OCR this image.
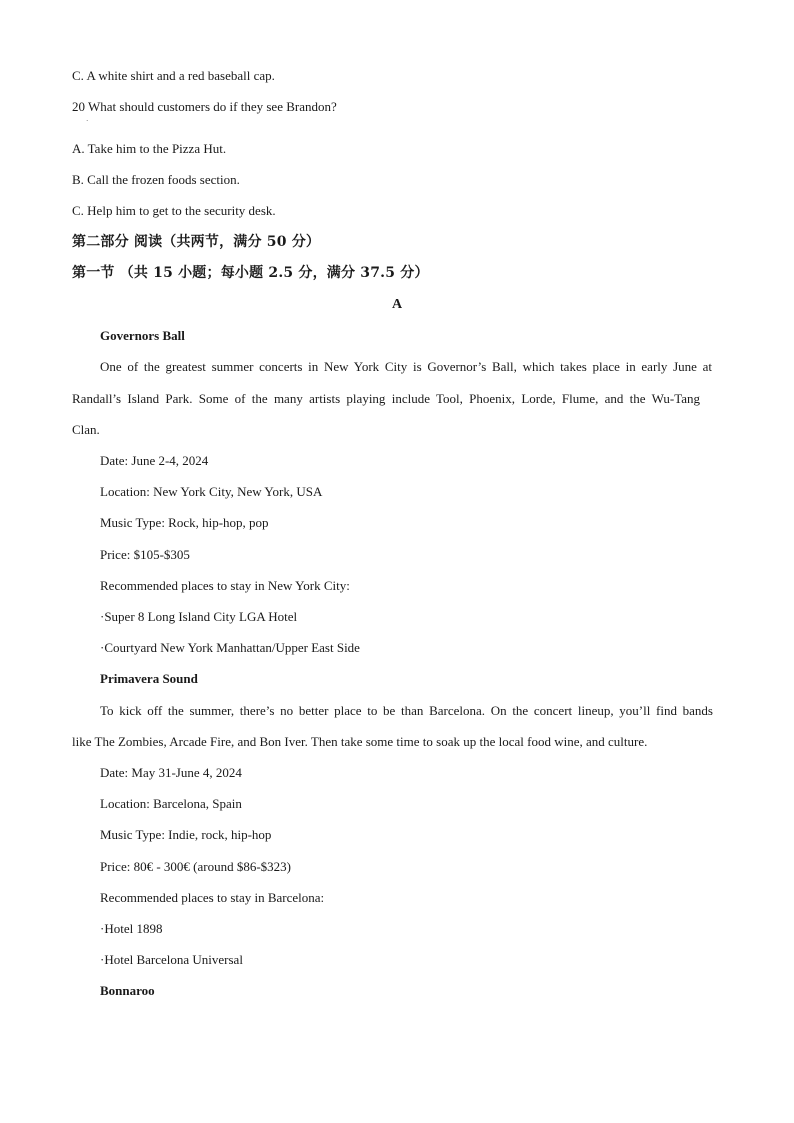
C. A white shirt and a red baseball cap.
20 What should customers do if they see Brandon?
·
A. Take him to the Pizza Hut.
B. Call the frozen foods section.
C. Help him to get to the security desk.
第二部分 阅读（共两节，满分 50 分）
第一节 （共 15 小题；每小题 2.5 分，满分 37.5 分）
A
Governors Ball
One of the greatest summer concerts in New York City is Governor’s Ball, which takes place in early June at
Randall’s Island Park. Some of the many artists playing include Tool, Phoenix, Lorde, Flume, and the Wu-Tang
Clan.
Date: June 2-4, 2024
Location: New York City, New York, USA
Music Type: Rock, hip-hop, pop
Price: $105-$305
Recommended places to stay in New York City:
·Super 8 Long Island City LGA Hotel
·Courtyard New York Manhattan/Upper East Side
Primavera Sound
To kick off the summer, there’s no better place to be than Barcelona. On the concert lineup, you’ll find bands
like The Zombies, Arcade Fire, and Bon Iver. Then take some time to soak up the local food wine, and culture.
Date: May 31-June 4, 2024
Location: Barcelona, Spain
Music Type: Indie, rock, hip-hop
Price: 80€ - 300€ (around $86-$323)
Recommended places to stay in Barcelona:
·Hotel 1898
·Hotel Barcelona Universal
Bonnaroo
